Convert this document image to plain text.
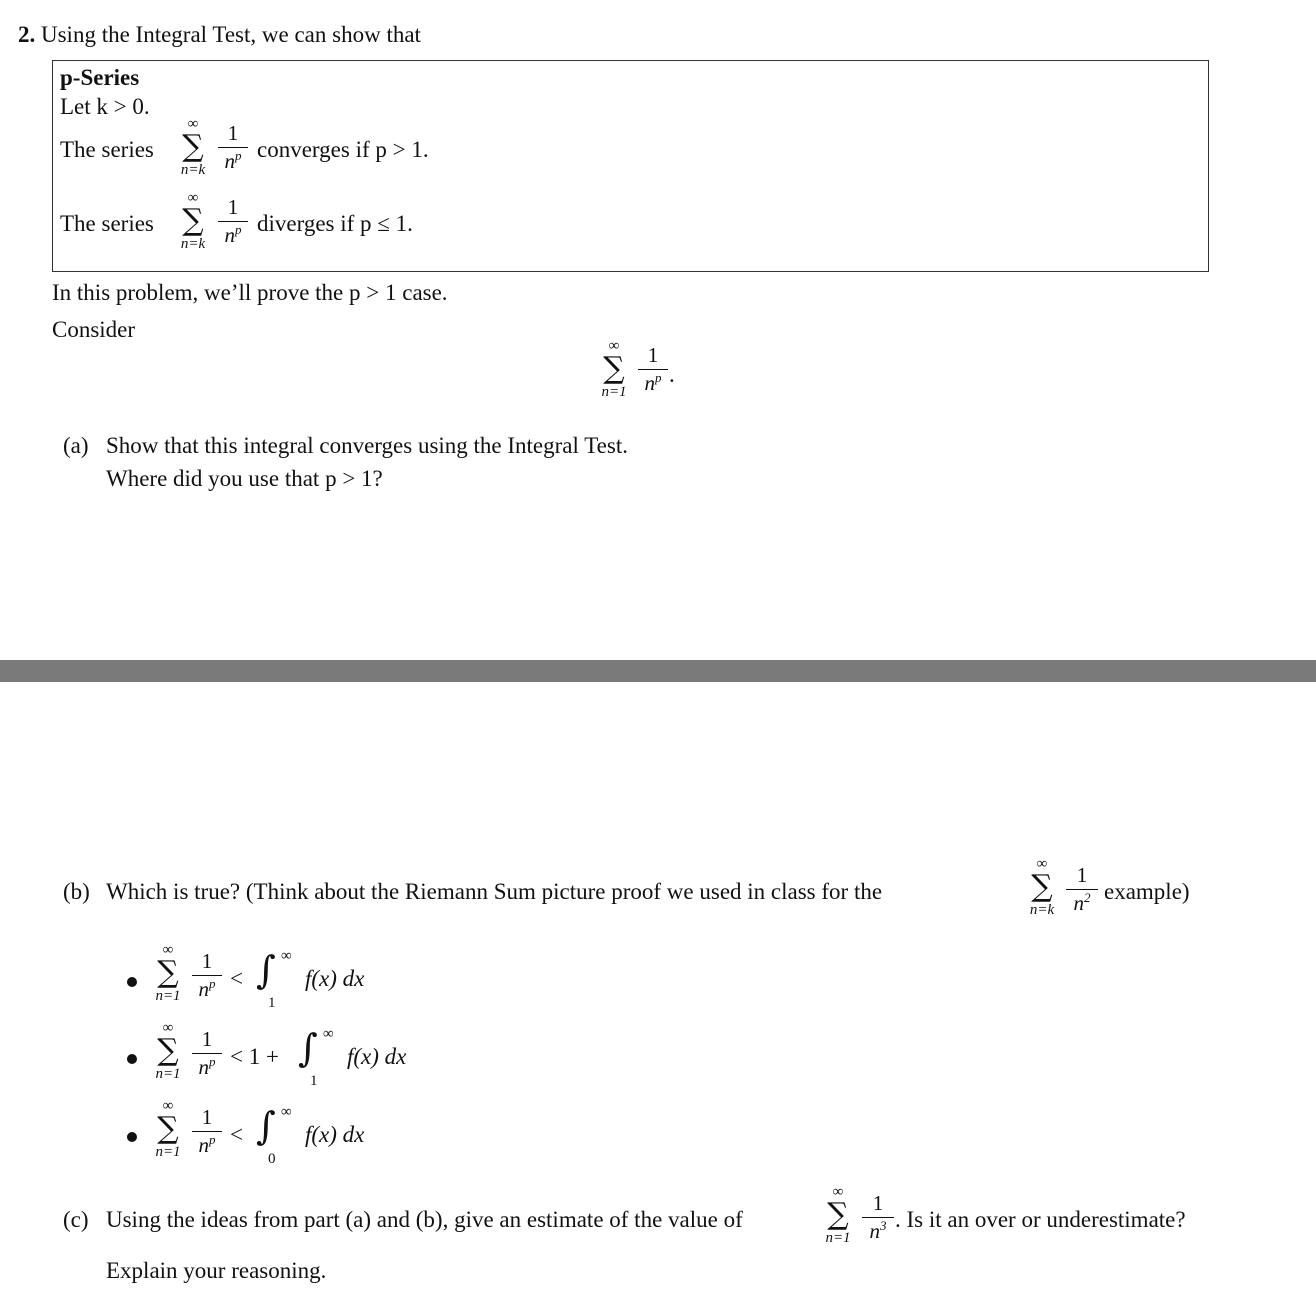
2. Using the Integral Test, we can show that
p-Series
Let k > 0.
The series
∞
∑
n=k
1
$n^p$ converges if p > 1.
The series
∞
∑
n=k
1
$n^p$ diverges if p ≤ 1.
In this problem, we’ll prove the p > 1 case.
Consider
∞
∑
n=1
1
$n^p$ .
(a) Show that this integral converges using the Integral Test.
Where did you use that p > 1?
(b) Which is true? (Think about the Riemann Sum picture proof we used in class for the
∞
∑
n=k
1
$n^2$ example)
∞
∑
n=1
1
$n^p$ < ∫ ∞
1
f(x) dx
∞
∑
n=1
1
$n^p < 1$ + ∫ ∞
1
f(x) dx
∞
∑
n=1
1
$n^p$ < ∫ ∞
0
f(x) dx
(c) Using the ideas from part (a) and (b), give an estimate of the value of
∞
∑
n=1
1
$n^3$ . Is it an over or underestimate?
Explain your reasoning.
